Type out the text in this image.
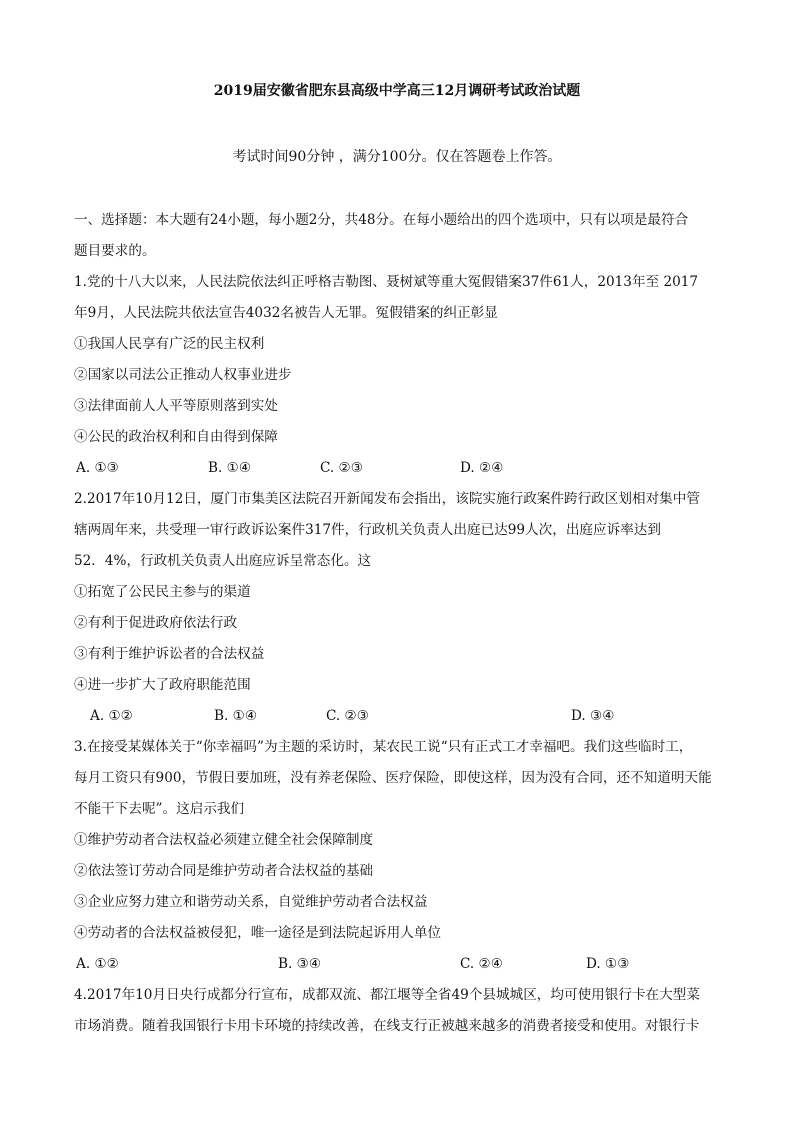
2019届安徽省肥东县高级中学高三12月调研考试政治试题
考试时间90分钟 ，满分100分。仅在答题卷上作答。

一、选择题：本大题有24小题，每小题2分，共48分。在每小题给出的四个选项中，只有以项是最符合

题目要求的。

1.党的十八大以来，人民法院依法纠正呼格吉勒图、聂树斌等重大冤假错案37件61人，2013年至 2017

年9月，人民法院共依法宣告4032名被告人无罪。冤假错案的纠正彰显

①我国人民享有广泛的民主权利

②国家以司法公正推动人权事业进步

③法律面前人人平等原则落到实处

④公民的政治权利和自由得到保障

A. ①③	B. ①④	C. ②③	D. ②④

2.2017年10月12日，厦门市集美区法院召开新闻发布会指出，该院实施行政案件跨行政区划相对集中管

辖两周年来，共受理一审行政诉讼案件317件，行政机关负责人出庭已达99人次，出庭应诉率达到

52．4%，行政机关负责人出庭应诉呈常态化。这

①拓宽了公民民主参与的渠道

②有利于促进政府依法行政

③有利于维护诉讼者的合法权益

④进一步扩大了政府职能范围

A. ①②	B. ①④	C. ②③	D. ③④

3.在接受某媒体关于“你幸福吗”为主题的采访时，某农民工说“只有正式工才幸福吧。我们这些临时工，

每月工资只有900，节假日要加班，没有养老保险、医疗保险，即使这样，因为没有合同，还不知道明天能

不能干下去呢”。这启示我们

①维护劳动者合法权益必须建立健全社会保障制度

②依法签订劳动合同是维护劳动者合法权益的基础

③企业应努力建立和谐劳动关系，自觉维护劳动者合法权益

④劳动者的合法权益被侵犯，唯一途径是到法院起诉用人单位

A. ①②	B. ③④	C. ②④	D. ①③

4.2017年10月日央行成都分行宣布，成都双流、都江堰等全省49个县城城区，均可使用银行卡在大型菜

市场消费。随着我国银行卡用卡环境的持续改善，在线支行正被越来越多的消费者接受和使用。对银行卡
